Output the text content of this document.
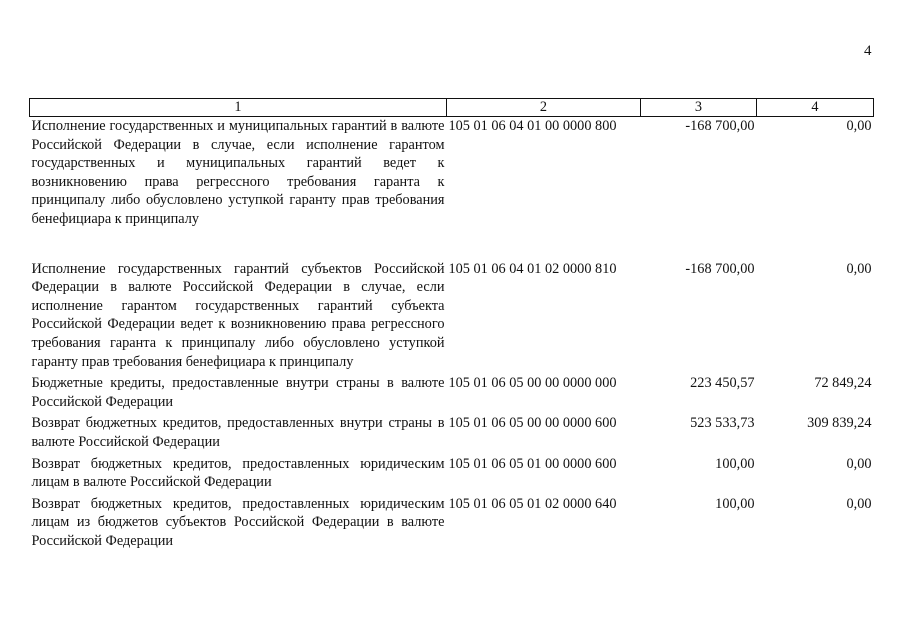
4
1	2	3	4
Исполнение государственных и муниципальных гарантий в валюте Российской Федерации в случае, если исполнение гарантом государственных и муниципальных гарантий ведет к возникновению права регрессного требования гаранта к принципалу либо обусловлено уступкой гаранту прав требования бенефициара к принципалу	105 01 06 04 01 00 0000 800	-168 700,00	0,00
Исполнение государственных гарантий субъектов Российской Федерации в валюте Российской Федерации в случае, если исполнение гарантом государственных гарантий субъекта Российской Федерации ведет к возникновению права регрессного требования гаранта к принципалу либо обусловлено уступкой гаранту прав требования бенефициара к принципалу	105 01 06 04 01 02 0000 810	-168 700,00	0,00
Бюджетные кредиты, предоставленные внутри страны в валюте Российской Федерации	105 01 06 05 00 00 0000 000	223 450,57	72 849,24
Возврат бюджетных кредитов, предоставленных внутри страны в валюте Российской Федерации	105 01 06 05 00 00 0000 600	523 533,73	309 839,24
Возврат бюджетных кредитов, предоставленных юридическим лицам в валюте Российской Федерации	105 01 06 05 01 00 0000 600	100,00	0,00
Возврат бюджетных кредитов, предоставленных юридическим лицам из бюджетов субъектов Российской Федерации в валюте Российской Федерации	105 01 06 05 01 02 0000 640	100,00	0,00
